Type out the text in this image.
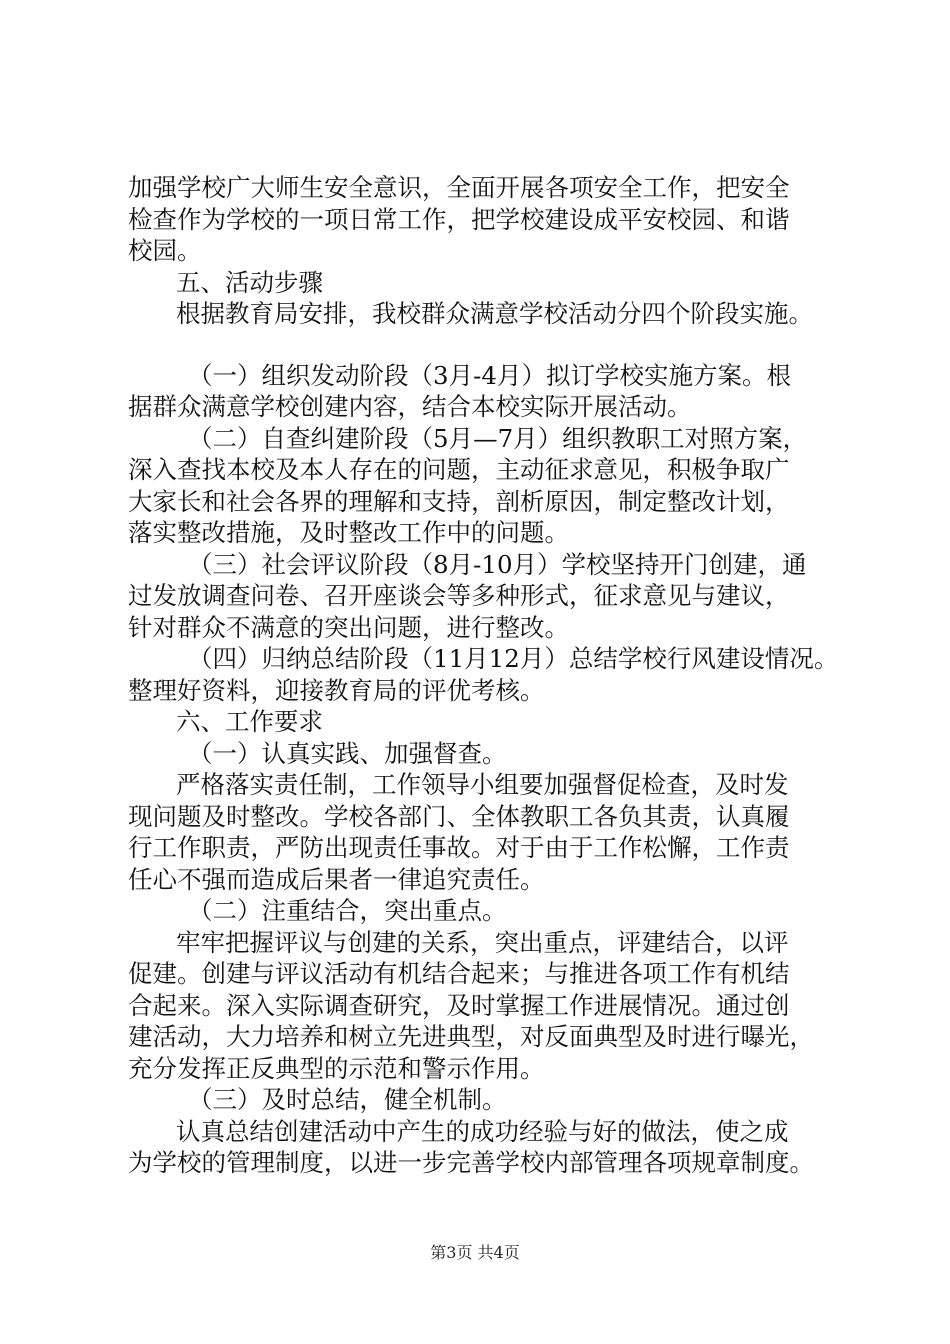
加强学校广大师生安全意识，全面开展各项安全工作，把安全
检查作为学校的一项日常工作，把学校建设成平安校园、和谐
校园。
五、活动步骤
根据教育局安排，我校群众满意学校活动分四个阶段实施。
（一）组织发动阶段（3月-4月）拟订学校实施方案。根
据群众满意学校创建内容，结合本校实际开展活动。
（二）自查纠建阶段（5月—7月）组织教职工对照方案，
深入查找本校及本人存在的问题，主动征求意见，积极争取广
大家长和社会各界的理解和支持，剖析原因，制定整改计划，
落实整改措施，及时整改工作中的问题。
（三）社会评议阶段（8月-10月）学校坚持开门创建，通
过发放调查问卷、召开座谈会等多种形式，征求意见与建议，
针对群众不满意的突出问题，进行整改。
（四）归纳总结阶段（11月12月）总结学校行风建设情况。
整理好资料，迎接教育局的评优考核。
六、工作要求
（一）认真实践、加强督查。
严格落实责任制，工作领导小组要加强督促检查，及时发
现问题及时整改。学校各部门、全体教职工各负其责，认真履
行工作职责，严防出现责任事故。对于由于工作松懈，工作责
任心不强而造成后果者一律追究责任。
（二）注重结合，突出重点。
牢牢把握评议与创建的关系，突出重点，评建结合，以评
促建。创建与评议活动有机结合起来；与推进各项工作有机结
合起来。深入实际调查研究，及时掌握工作进展情况。通过创
建活动，大力培养和树立先进典型，对反面典型及时进行曝光，
充分发挥正反典型的示范和警示作用。
（三）及时总结，健全机制。
认真总结创建活动中产生的成功经验与好的做法，使之成
为学校的管理制度，以进一步完善学校内部管理各项规章制度。
第3页 共4页
